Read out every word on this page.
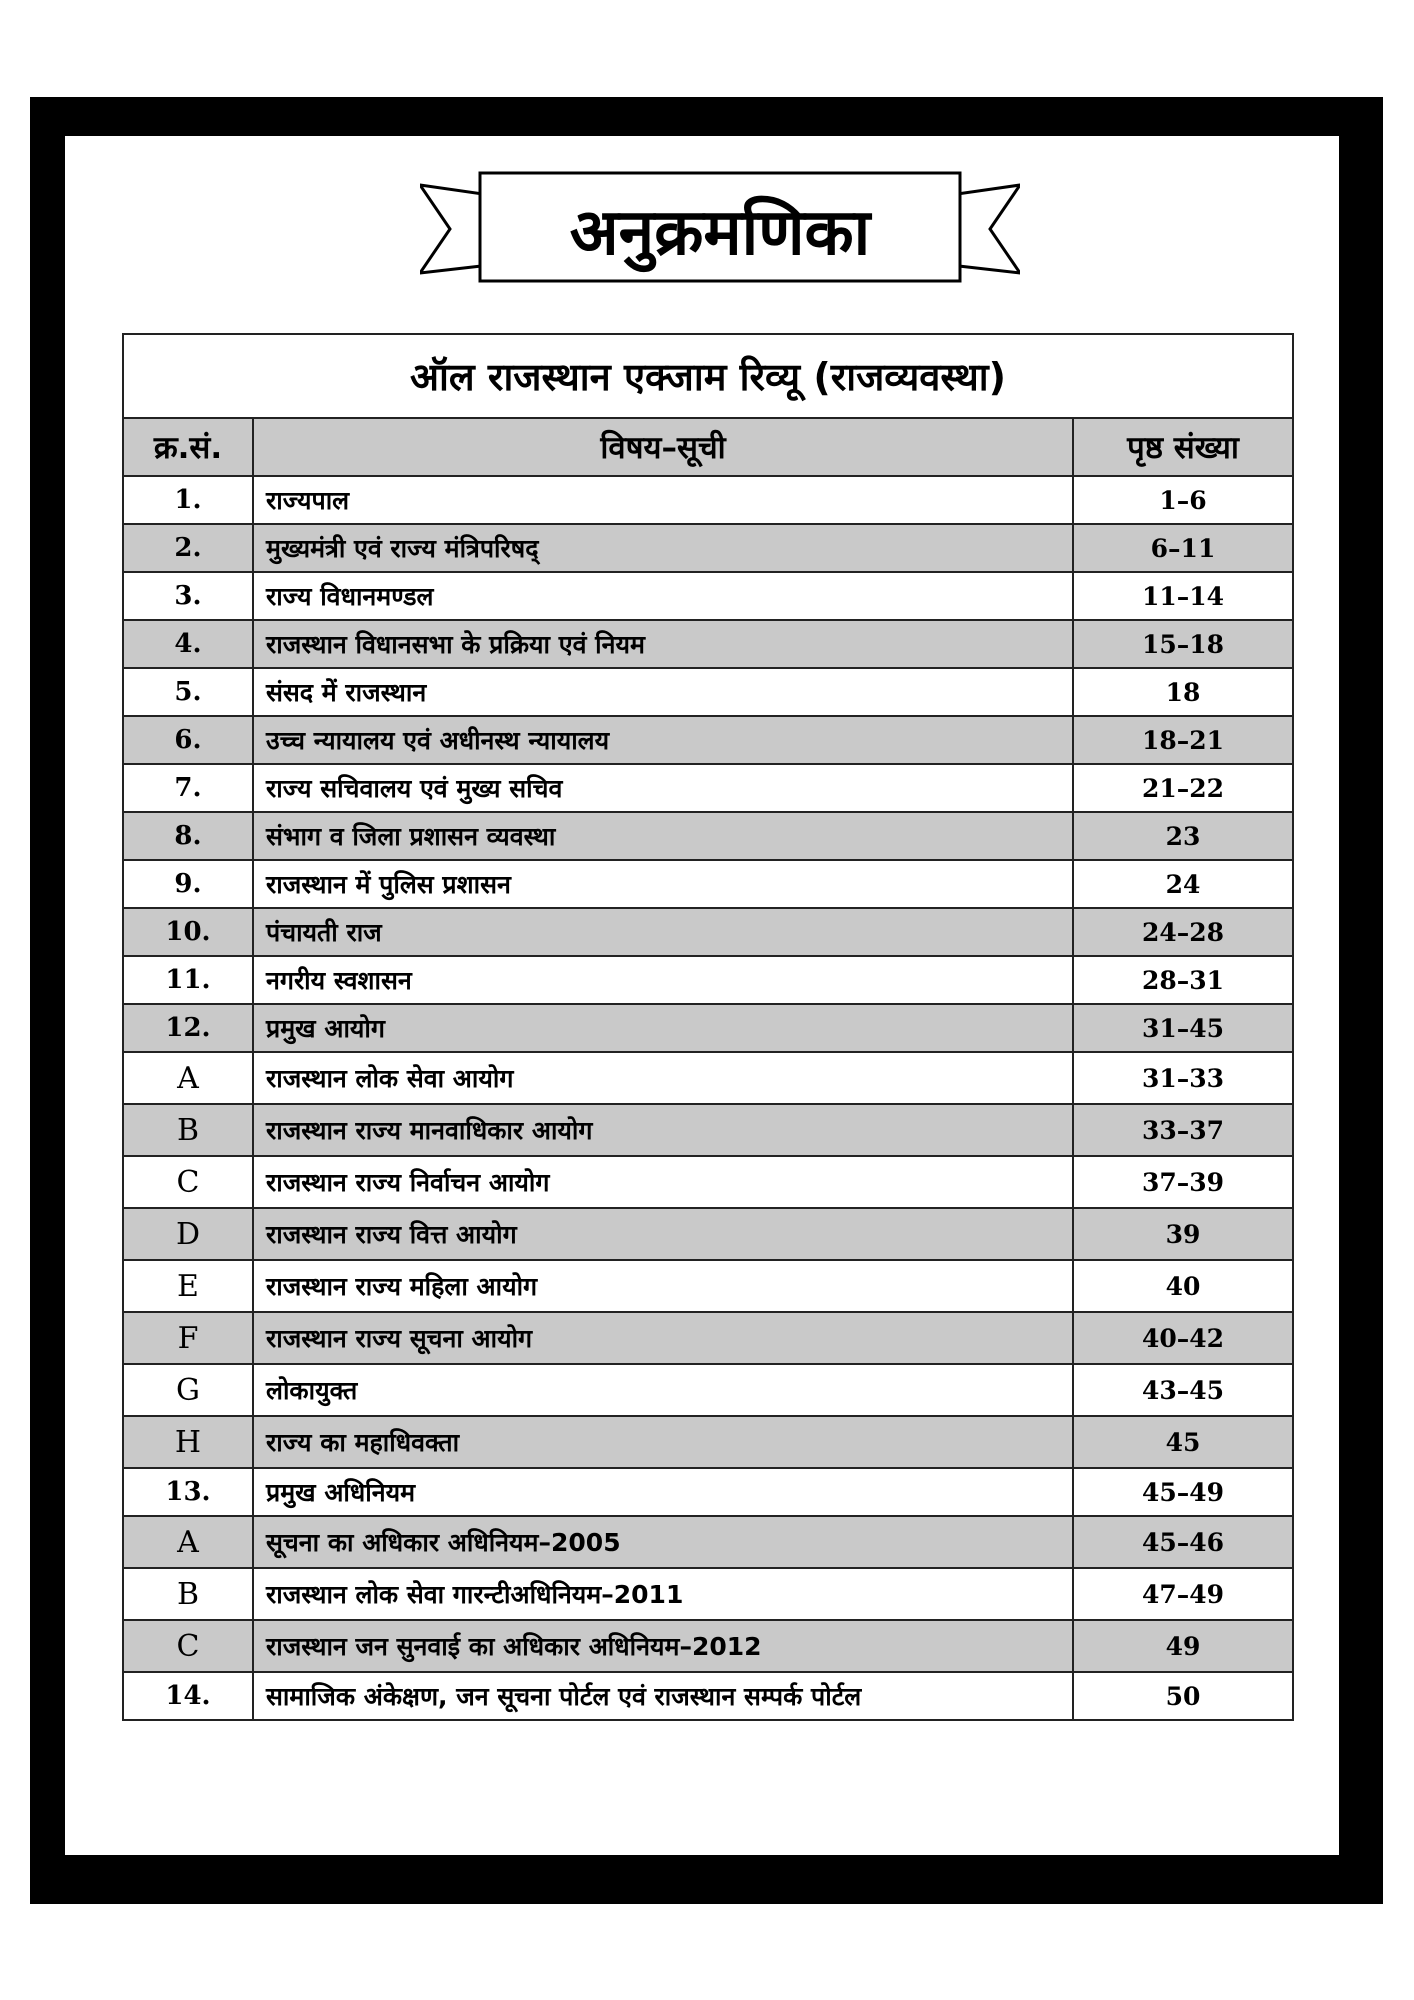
अनुक्रमणिका
ऑल राजस्थान एक्जाम रिव्यू (राजव्यवस्था)		
क्र.सं.	विषय–सूची	पृष्ठ संख्या
1.	राज्यपाल	1–6
2.	मुख्यमंत्री एवं राज्य मंत्रिपरिषद्	6–11
3.	राज्य विधानमण्डल	11–14
4.	राजस्थान विधानसभा के प्रक्रिया एवं नियम	15–18
5.	संसद में राजस्थान	18
6.	उच्च न्यायालय एवं अधीनस्थ न्यायालय	18–21
7.	राज्य सचिवालय एवं मुख्य सचिव	21–22
8.	संभाग व जिला प्रशासन व्यवस्था	23
9.	राजस्थान में पुलिस प्रशासन	24
10.	पंचायती राज	24–28
11.	नगरीय स्वशासन	28–31
12.	प्रमुख आयोग	31–45
A	राजस्थान लोक सेवा आयोग	31–33
B	राजस्थान राज्य मानवाधिकार आयोग	33–37
C	राजस्थान राज्य निर्वाचन आयोग	37–39
D	राजस्थान राज्य वित्त आयोग	39
E	राजस्थान राज्य महिला आयोग	40
F	राजस्थान राज्य सूचना आयोग	40–42
G	लोकायुक्त	43–45
H	राज्य का महाधिवक्ता	45
13.	प्रमुख अधिनियम	45–49
A	सूचना का अधिकार अधिनियम–2005	45–46
B	राजस्थान लोक सेवा गारन्टीअधिनियम–2011	47–49
C	राजस्थान जन सुनवाई का अधिकार अधिनियम–2012	49
14.	सामाजिक अंकेक्षण, जन सूचना पोर्टल एवं राजस्थान सम्पर्क पोर्टल	50
